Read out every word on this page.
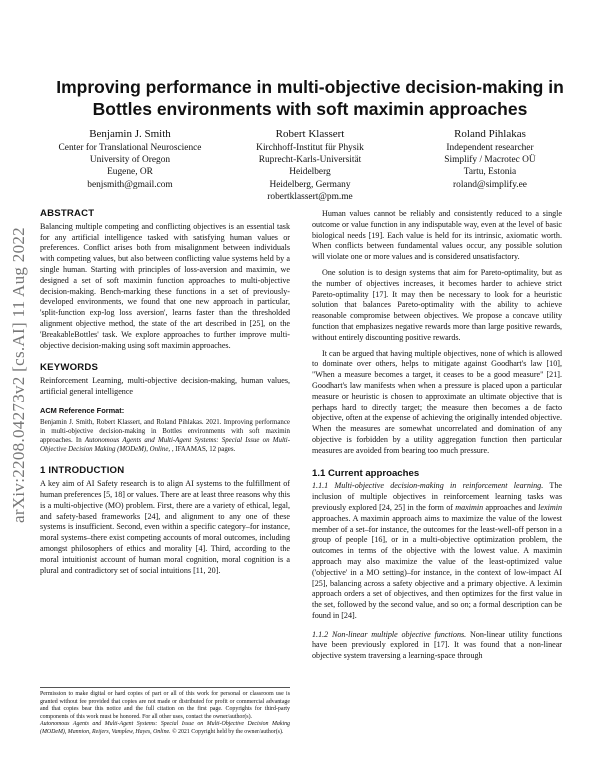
arXiv:2208.04273v2 [cs.AI] 11 Aug 2022
Improving performance in multi-objective decision-making in
Bottles environments with soft maximin approaches
Benjamin J. Smith
Center for Translational Neuroscience
University of Oregon
Eugene, OR
benjsmith@gmail.com
Robert Klassert
Kirchhoff-Institut für Physik
Ruprecht-Karls-Universität
Heidelberg
Heidelberg, Germany
robertklassert@pm.me
Roland Pihlakas
Independent researcher
Simplify / Macrotec OÜ
Tartu, Estonia
roland@simplify.ee
ABSTRACT

Balancing multiple competing and conflicting objectives is an essential task for any artificial intelligence tasked with satisfying human values or preferences. Conflict arises both from misalignment between individuals with competing values, but also between conflicting value systems held by a single human. Starting with principles of loss-aversion and maximin, we designed a set of soft maximin function approaches to multi-objective decision-making. Bench-marking these functions in a set of previously-developed environments, we found that one new approach in particular, 'split-function exp-log loss aversion', learns faster than the thresholded alignment objective method, the state of the art described in [25], on the 'BreakableBottles' task. We explore approaches to further improve multi-objective decision-making using soft maximin approaches.

KEYWORDS

Reinforcement Learning, multi-objective decision-making, human values, artificial general intelligence

ACM Reference Format:

Benjamin J. Smith, Robert Klassert, and Roland Pihlakas. 2021. Improving performance in multi-objective decision-making in Bottles environments with soft maximin approaches. In Autonomous Agents and Multi-Agent Systems: Special Issue on Multi-Objective Decision Making (MODeM), Online, , IFAAMAS, 12 pages.

1 INTRODUCTION

A key aim of AI Safety research is to align AI systems to the fulfillment of human preferences [5, 18] or values. There are at least three reasons why this is a multi-objective (MO) problem. First, there are a variety of ethical, legal, and safety-based frameworks [24], and alignment to any one of these systems is insufficient. Second, even within a specific category–for instance, moral systems–there exist competing accounts of moral outcomes, including amongst philosophers of ethics and morality [4]. Third, according to the moral intuitionist account of human moral cognition, moral cognition is a plural and contradictory set of social intuitions [11, 20].

Permission to make digital or hard copies of part or all of this work for personal or classroom use is granted without fee provided that copies are not made or distributed for profit or commercial advantage and that copies bear this notice and the full citation on the first page. Copyrights for third-party components of this work must be honored. For all other uses, contact the owner/author(s).

Autonomous Agents and Multi-Agent Systems: Special Issue on Multi-Objective Decision Making (MODeM), Mannion, Reijers, Vamplew, Hayes, Online. © 2021 Copyright held by the owner/author(s).

Human values cannot be reliably and consistently reduced to a single outcome or value function in any indisputable way, even at the level of basic biological needs [19]. Each value is held for its intrinsic, axiomatic worth. When conflicts between fundamental values occur, any possible solution will violate one or more values and is considered unsatisfactory.

One solution is to design systems that aim for Pareto-optimality, but as the number of objectives increases, it becomes harder to achieve strict Pareto-optimality [17]. It may then be necessary to look for a heuristic solution that balances Pareto-optimality with the ability to achieve reasonable compromise between objectives. We propose a concave utility function that emphasizes negative rewards more than large positive rewards, without entirely discounting positive rewards.

It can be argued that having multiple objectives, none of which is allowed to dominate over others, helps to mitigate against Goodhart's law [10], "When a measure becomes a target, it ceases to be a good measure" [21]. Goodhart's law manifests when when a pressure is placed upon a particular measure or heuristic is chosen to approximate an ultimate objective that is perhaps hard to directly target; the measure then becomes a de facto objective, often at the expense of achieving the originally intended objective. When the measures are somewhat uncorrelated and domination of any objective is forbidden by a utility aggregation function then particular measures are avoided from bearing too much pressure.

1.1 Current approaches

1.1.1 Multi-objective decision-making in reinforcement learning. The inclusion of multiple objectives in reinforcement learning tasks was previously explored [24, 25] in the form of maximin approaches and leximin approaches. A maximin approach aims to maximize the value of the lowest member of a set–for instance, the outcomes for the least-well-off person in a group of people [16], or in a multi-objective optimization problem, the outcomes in terms of the objective with the lowest value. A maximin approach may also maximize the value of the least-optimized value ('objective' in a MO setting)–for instance, in the context of low-impact AI [25], balancing across a safety objective and a primary objective. A leximin approach orders a set of objectives, and then optimizes for the first value in the set, followed by the second value, and so on; a formal description can be found in [24].

1.1.2 Non-linear multiple objective functions. Non-linear utility functions have been previously explored in [17]. It was found that a non-linear objective system traversing a learning-space through
